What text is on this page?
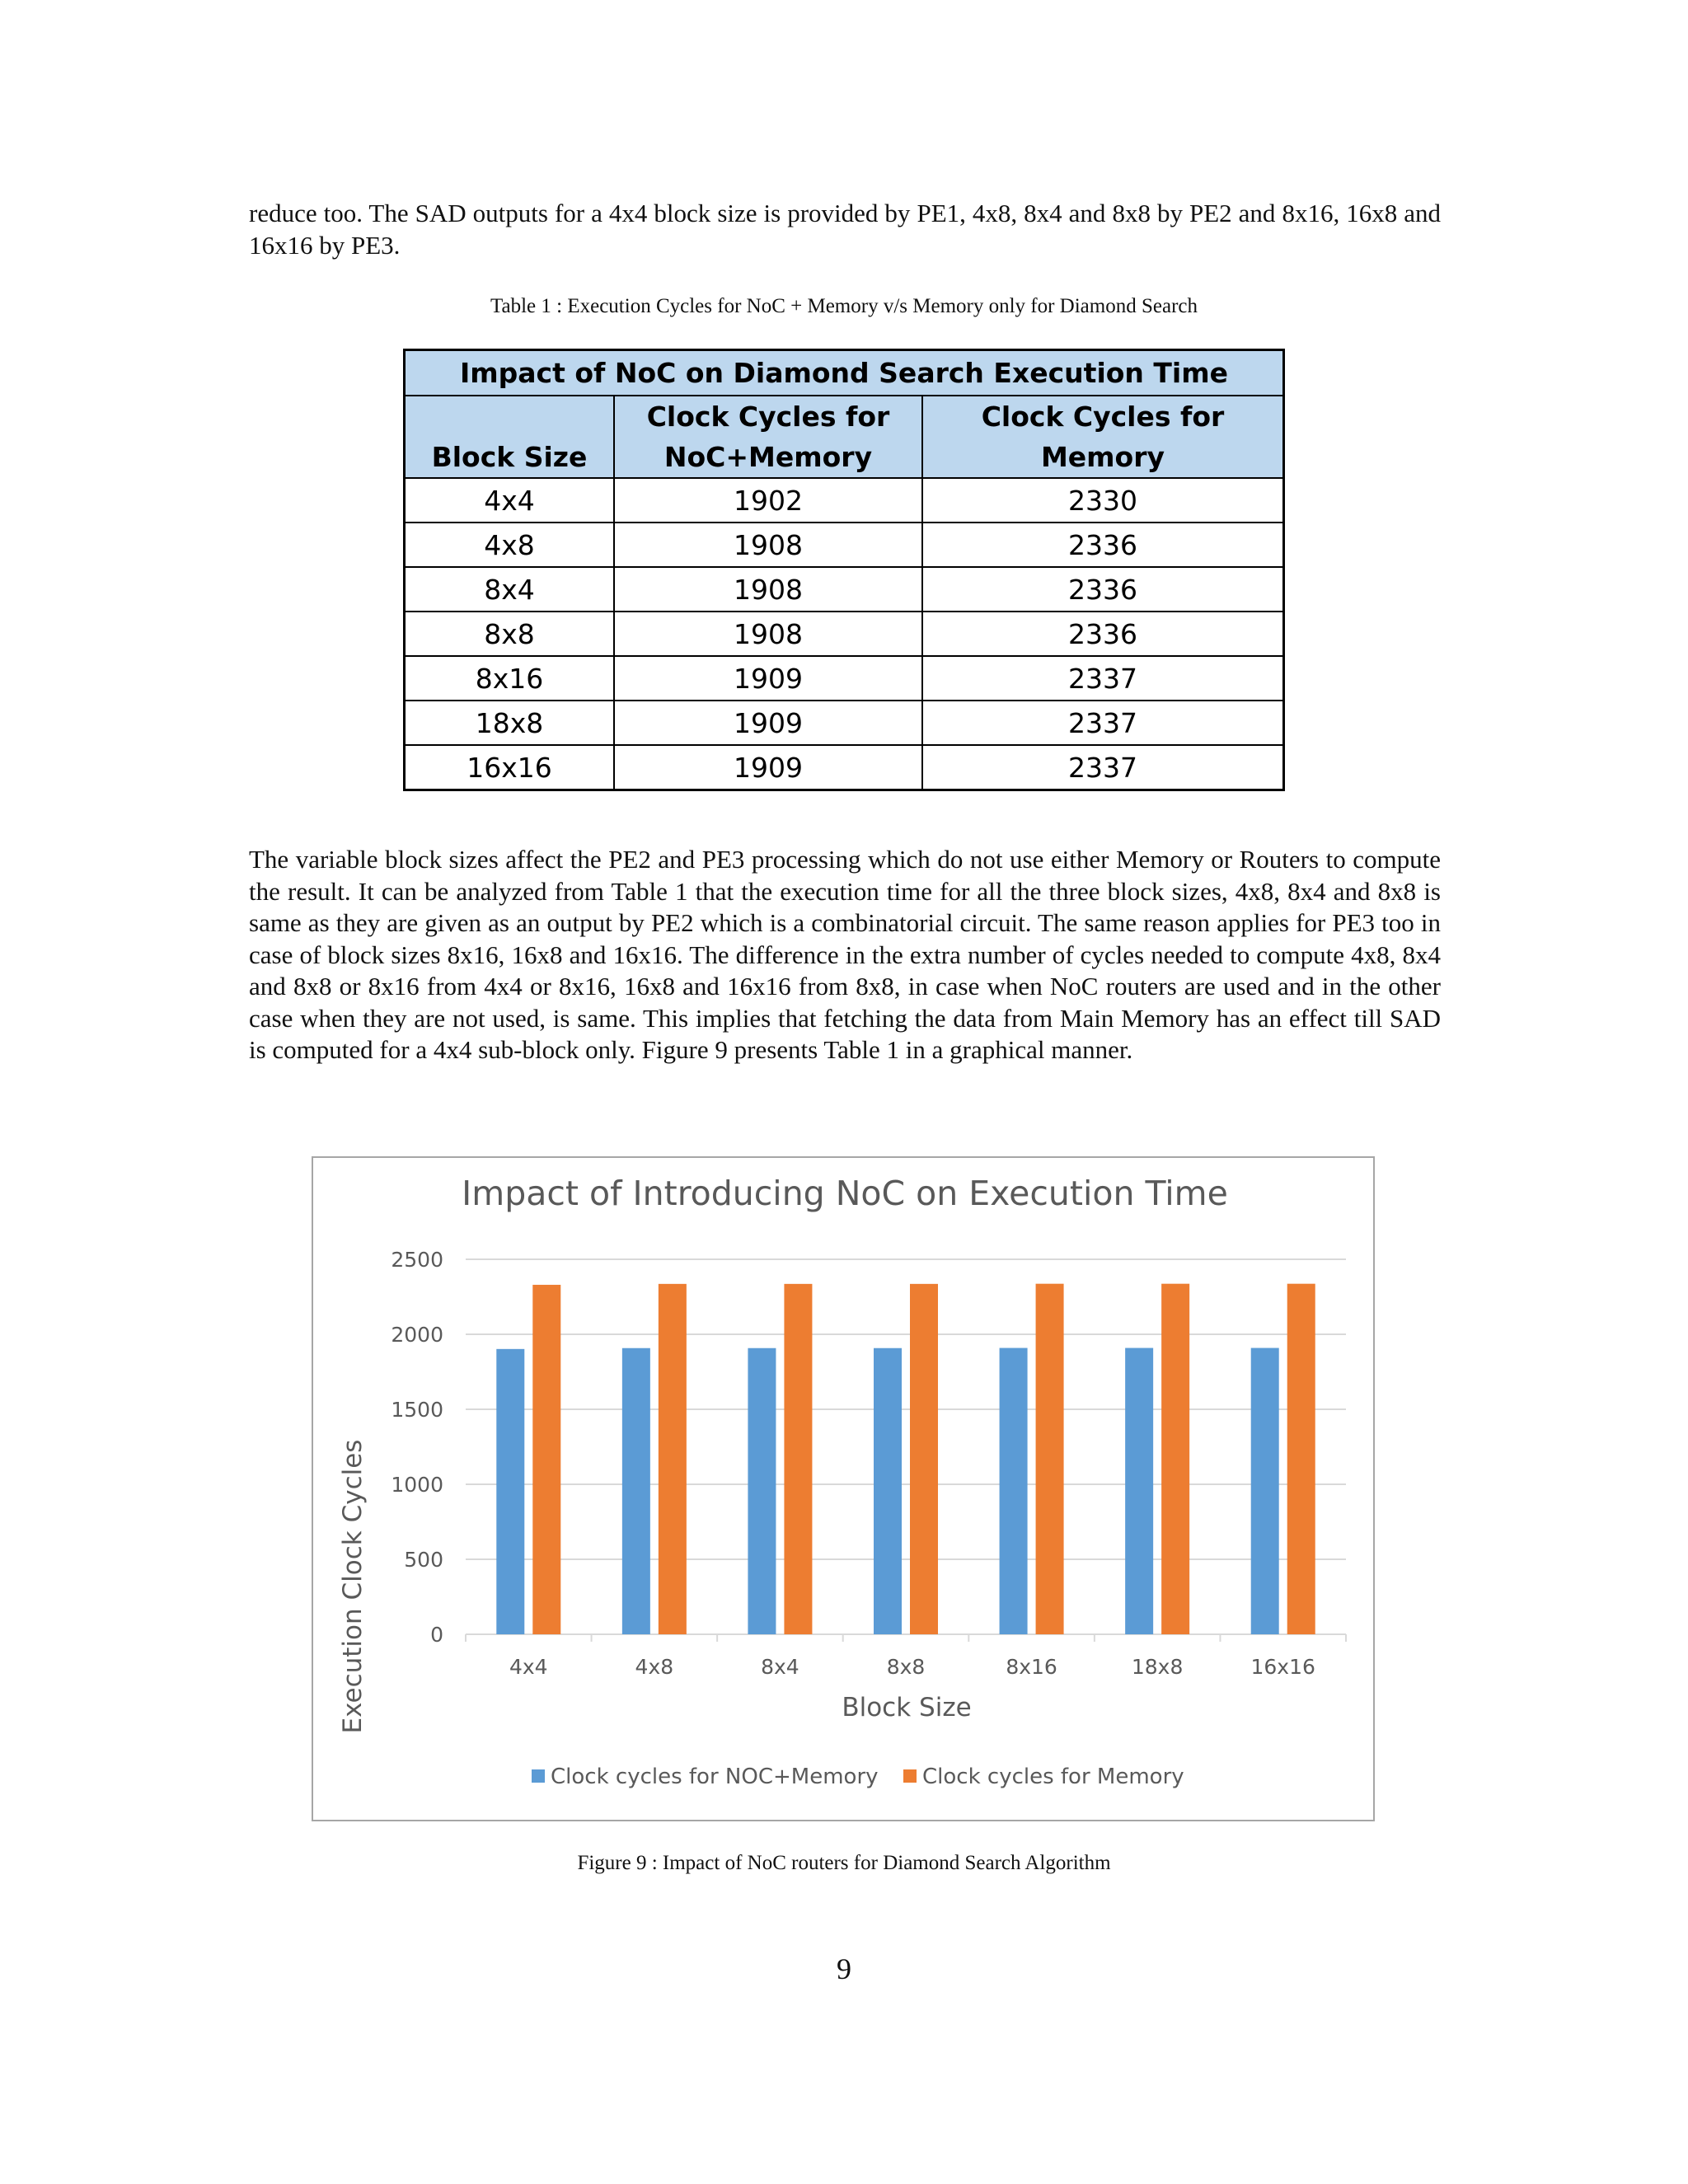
reduce too. The SAD outputs for a 4x4 block size is provided by PE1, 4x8, 8x4 and 8x8 by PE2 and 8x16, 16x8 and 16x16 by PE3.

Table 1 : Execution Cycles for NoC + Memory v/s Memory only for Diamond Search

Impact of NoC on Diamond Search Execution Time		
Block Size	Clock Cycles for NoC+Memory	Clock Cycles for Memory
4x4	1902	2330
4x8	1908	2336
8x4	1908	2336
8x8	1908	2336
8x16	1909	2337
18x8	1909	2337
16x16	1909	2337

The variable block sizes affect the PE2 and PE3 processing which do not use either Memory or Routers to compute the result. It can be analyzed from Table 1 that the execution time for all the three block sizes, 4x8, 8x4 and 8x8 is same as they are given as an output by PE2 which is a combinatorial circuit. The same reason applies for PE3 too in case of block sizes 8x16, 16x8 and 16x16. The difference in the extra number of cycles needed to compute 4x8, 8x4 and 8x8 or 8x16 from 4x4 or 8x16, 16x8 and 16x16 from 8x8, in case when NoC routers are used and in the other case when they are not used, is same. This implies that fetching the data from Main Memory has an effect till SAD is computed for a 4x4 sub-block only. Figure 9 presents Table 1 in a graphical manner.

Impact of Introducing NoC on Execution Time
0
500
1000
1500
2000
2500
4x4	4x8	8x4	8x8	8x16	18x8	16x16
Execution Clock Cycles	Block Size
Clock cycles for NOC+Memory Clock cycles for Memory

Figure 9 : Impact of NoC routers for Diamond Search Algorithm

9
